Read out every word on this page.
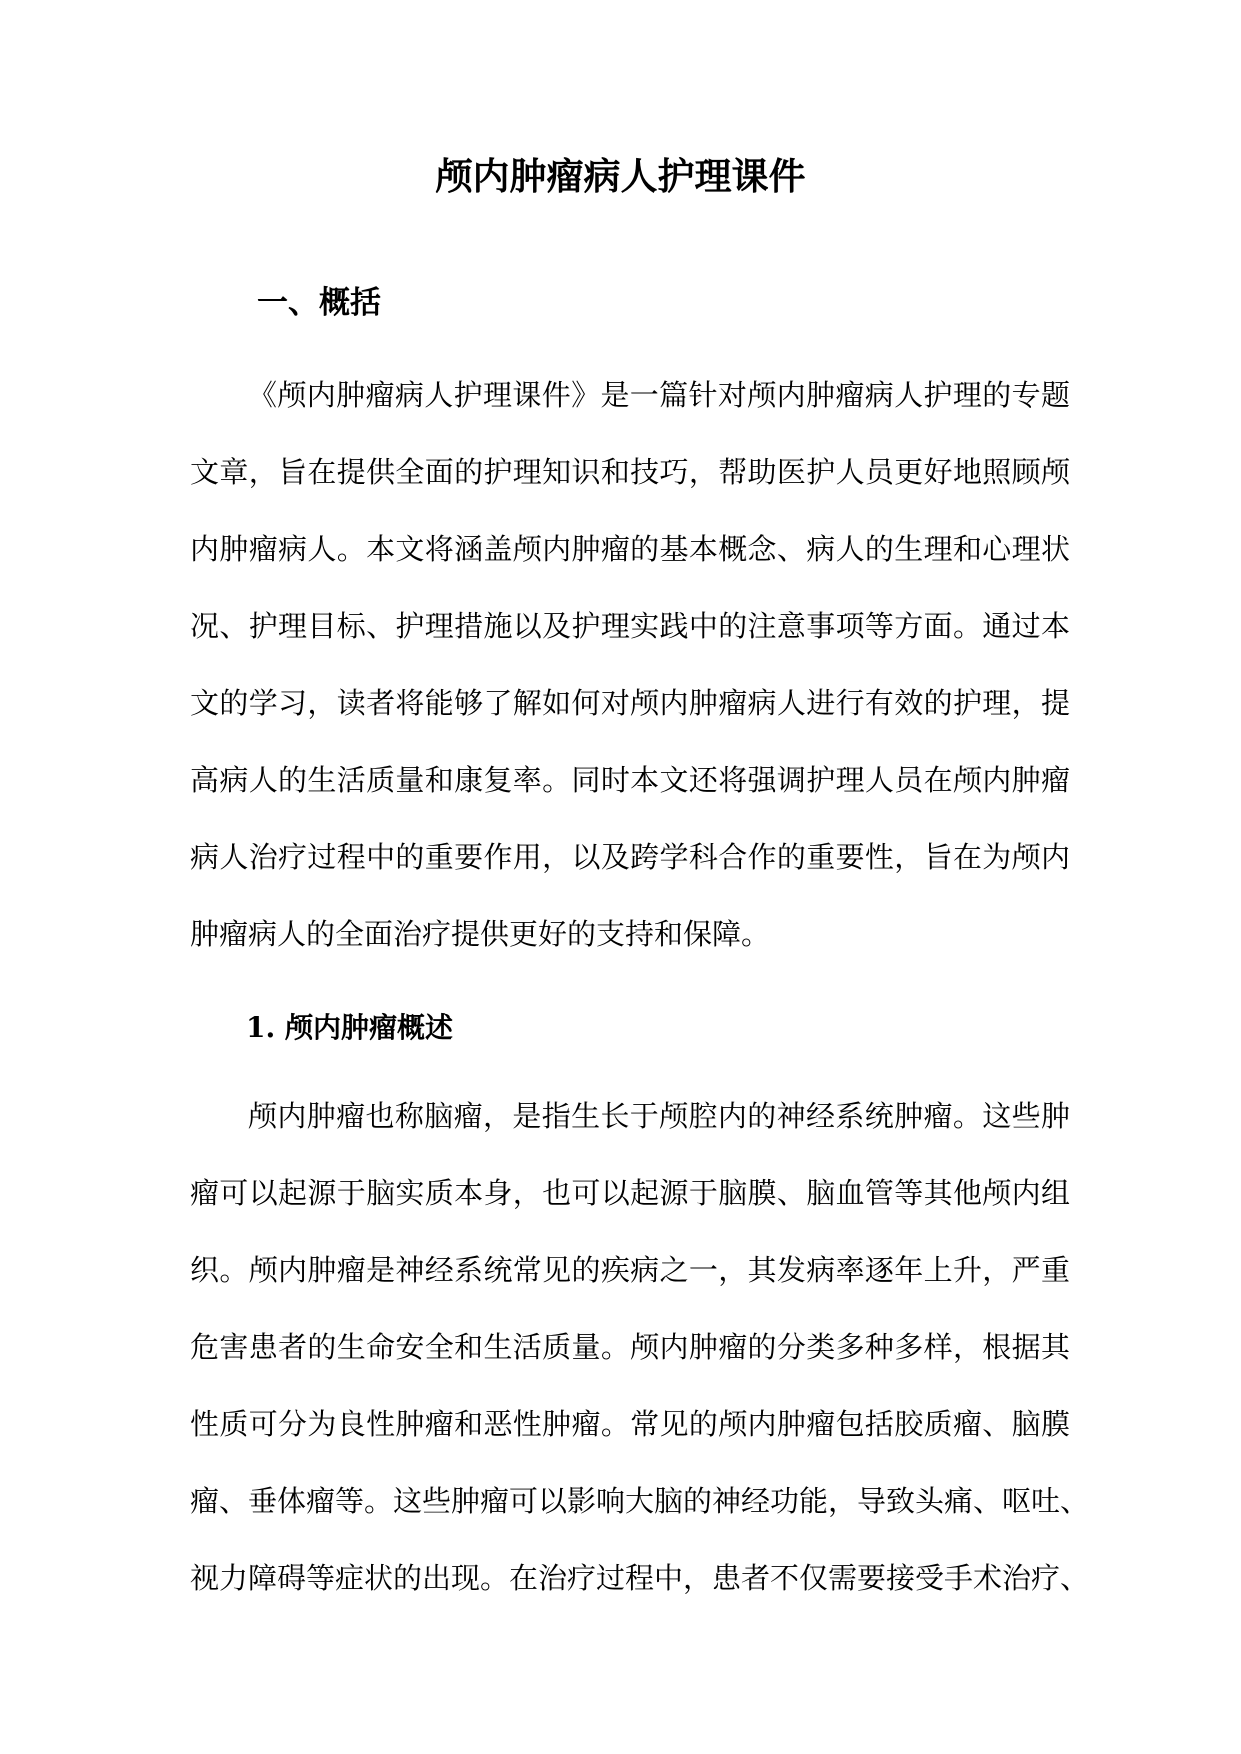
颅内肿瘤病人护理课件
一、概括
《颅内肿瘤病人护理课件》是一篇针对颅内肿瘤病人护理的专题
文章，旨在提供全面的护理知识和技巧，帮助医护人员更好地照顾颅
内肿瘤病人。本文将涵盖颅内肿瘤的基本概念、病人的生理和心理状
况、护理目标、护理措施以及护理实践中的注意事项等方面。通过本
文的学习，读者将能够了解如何对颅内肿瘤病人进行有效的护理，提
高病人的生活质量和康复率。同时本文还将强调护理人员在颅内肿瘤
病人治疗过程中的重要作用，以及跨学科合作的重要性，旨在为颅内
肿瘤病人的全面治疗提供更好的支持和保障。
1. 颅内肿瘤概述
颅内肿瘤也称脑瘤，是指生长于颅腔内的神经系统肿瘤。这些肿
瘤可以起源于脑实质本身，也可以起源于脑膜、脑血管等其他颅内组
织。颅内肿瘤是神经系统常见的疾病之一，其发病率逐年上升，严重
危害患者的生命安全和生活质量。颅内肿瘤的分类多种多样，根据其
性质可分为良性肿瘤和恶性肿瘤。常见的颅内肿瘤包括胶质瘤、脑膜
瘤、垂体瘤等。这些肿瘤可以影响大脑的神经功能，导致头痛、呕吐、
视力障碍等症状的出现。在治疗过程中，患者不仅需要接受手术治疗、
